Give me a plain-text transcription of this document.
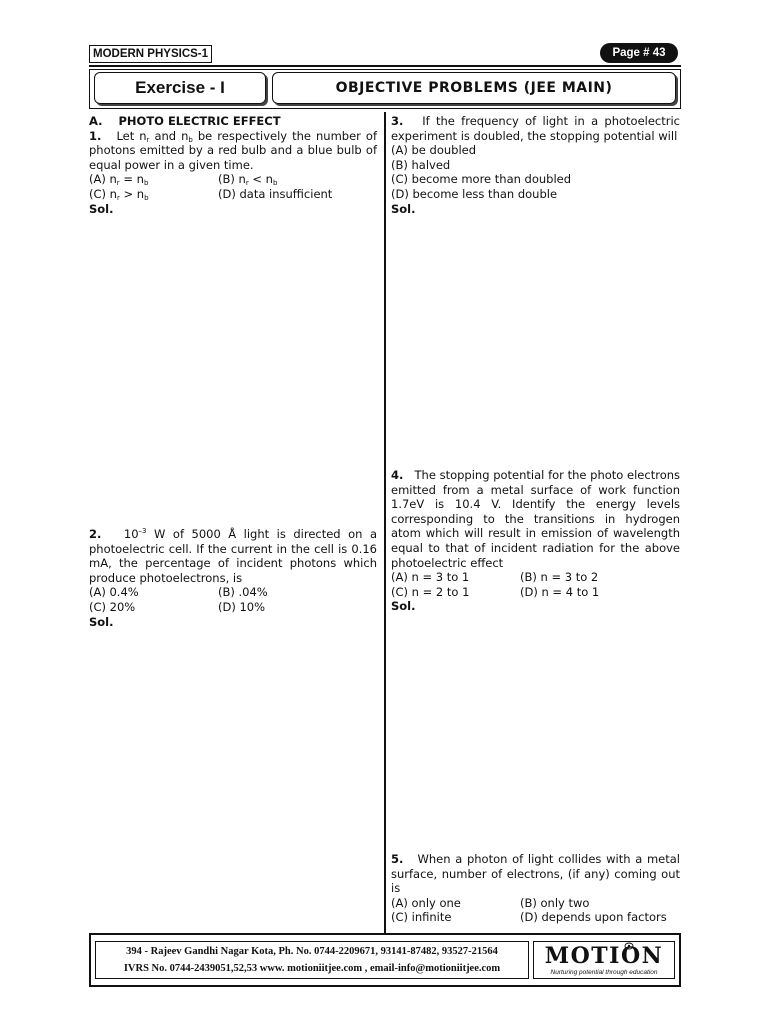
MODERN PHYSICS-1	Page # 43
Exercise - I	OBJECTIVE PROBLEMS (JEE MAIN)
A. PHOTO ELECTRIC EFFECT
1. Let $n_r$ and $n_b$ be respectively the number of photons emitted by a red bulb and a blue bulb of equal power in a given time.
(A) $n_r = n_b$	(B) $n_r < n_b$
(C) $n_r > n_b$	(D) data insufficient
Sol.
2. $10^{-3}$ W of 5000 Å light is directed on a photoelectric cell. If the current in the cell is 0.16 mA, the percentage of incident photons which produce photoelectrons, is
(A) 0.4%	(B) .04%
(C) 20%	(D) 10%
Sol.
3. If the frequency of light in a photoelectric experiment is doubled, the stopping potential will
(A) be doubled
(B) halved
(C) become more than doubled
(D) become less than double
Sol.
4. The stopping potential for the photo electrons emitted from a metal surface of work function 1.7eV is 10.4 V. Identify the energy levels corresponding to the transitions in hydrogen atom which will result in emission of wavelength equal to that of incident radiation for the above photoelectric effect
(A) n = 3 to 1	(B) n = 3 to 2
(C) n = 2 to 1	(D) n = 4 to 1
Sol.
5. When a photon of light collides with a metal surface, number of electrons, (if any) coming out is
(A) only one	(B) only two
(C) infinite	(D) depends upon factors
394 - Rajeev Gandhi Nagar Kota, Ph. No. 0744-2209671, 93141-87482, 93527-21564
IVRS No. 0744-2439051,52,53 www. motioniitjee.com , email-info@motioniitjee.com	MOTION
Nurturing potential through education
